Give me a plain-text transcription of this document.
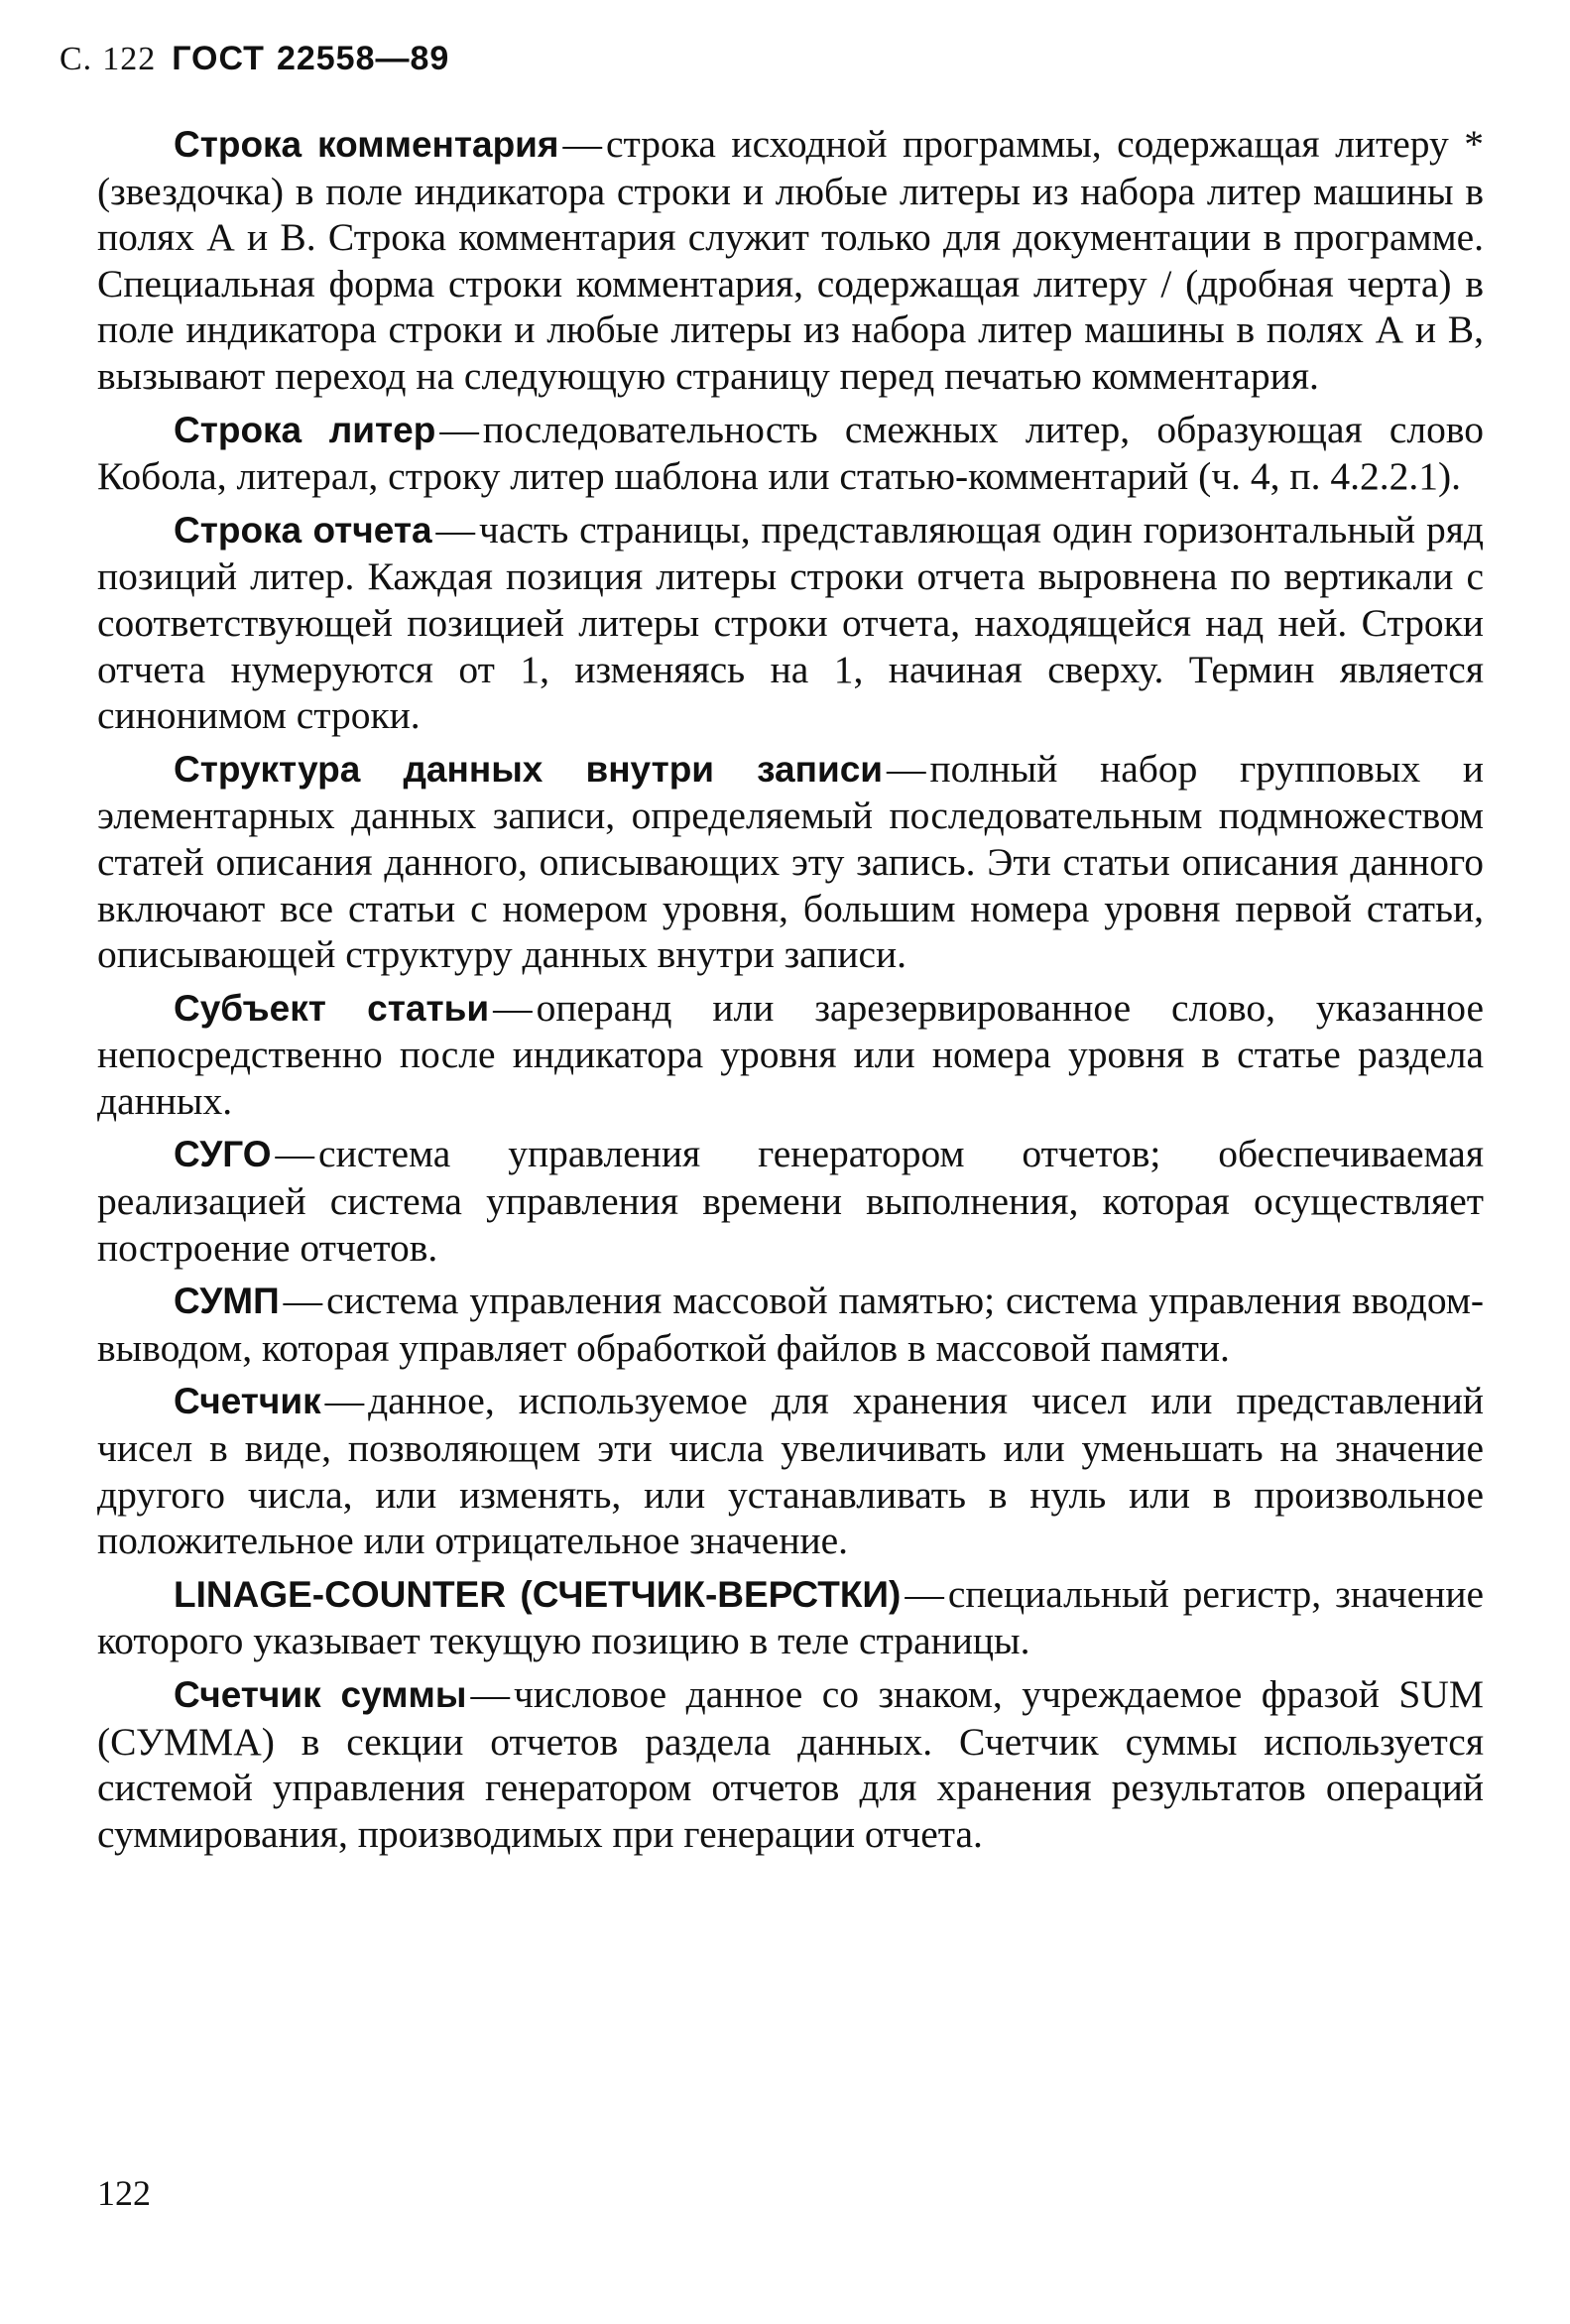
С. 122 ГОСТ 22558—89

Строка комментария — строка исходной программы, содержащая литеру * (звездочка) в поле индикатора строки и любые литеры из набора литер машины в полях А и В. Строка комментария служит только для документации в программе. Специальная форма строки комментария, содержащая литеру / (дробная черта) в поле индикатора строки и любые литеры из набора литер машины в полях А и В, вызывают переход на следующую страницу перед печатью комментария.

Строка литер — последовательность смежных литер, образующая слово Кобола, литерал, строку литер шаблона или статью-комментарий (ч. 4, п. 4.2.2.1).

Строка отчета — часть страницы, представляющая один горизонтальный ряд позиций литер. Каждая позиция литеры строки отчета выровнена по вертикали с соответствующей позицией литеры строки отчета, находящейся над ней. Строки отчета нумеруются от 1, изменяясь на 1, начиная сверху. Термин является синонимом строки.

Структура данных внутри записи — полный набор групповых и элементарных данных записи, определяемый последовательным подмножеством статей описания данного, описывающих эту запись. Эти статьи описания данного включают все статьи с номером уровня, большим номера уровня первой статьи, описывающей структуру данных внутри записи.

Субъект статьи — операнд или зарезервированное слово, указанное непосредственно после индикатора уровня или номера уровня в статье раздела данных.

СУГО — система управления генератором отчетов; обеспечиваемая реализацией система управления времени выполнения, которая осуществляет построение отчетов.

СУМП — система управления массовой памятью; система управления вводом-выводом, которая управляет обработкой файлов в массовой памяти.

Счетчик — данное, используемое для хранения чисел или представлений чисел в виде, позволяющем эти числа увеличивать или уменьшать на значение другого числа, или изменять, или устанавливать в нуль или в произвольное положительное или отрицательное значение.

LINAGE-COUNTER (СЧЕТЧИК-ВЕРСТКИ) — специальный регистр, значение которого указывает текущую позицию в теле страницы.

Счетчик суммы — числовое данное со знаком, учреждаемое фразой SUM (СУММА) в секции отчетов раздела данных. Счетчик суммы используется системой управления генератором отчетов для хранения результатов операций суммирования, производимых при генерации отчета.

122
